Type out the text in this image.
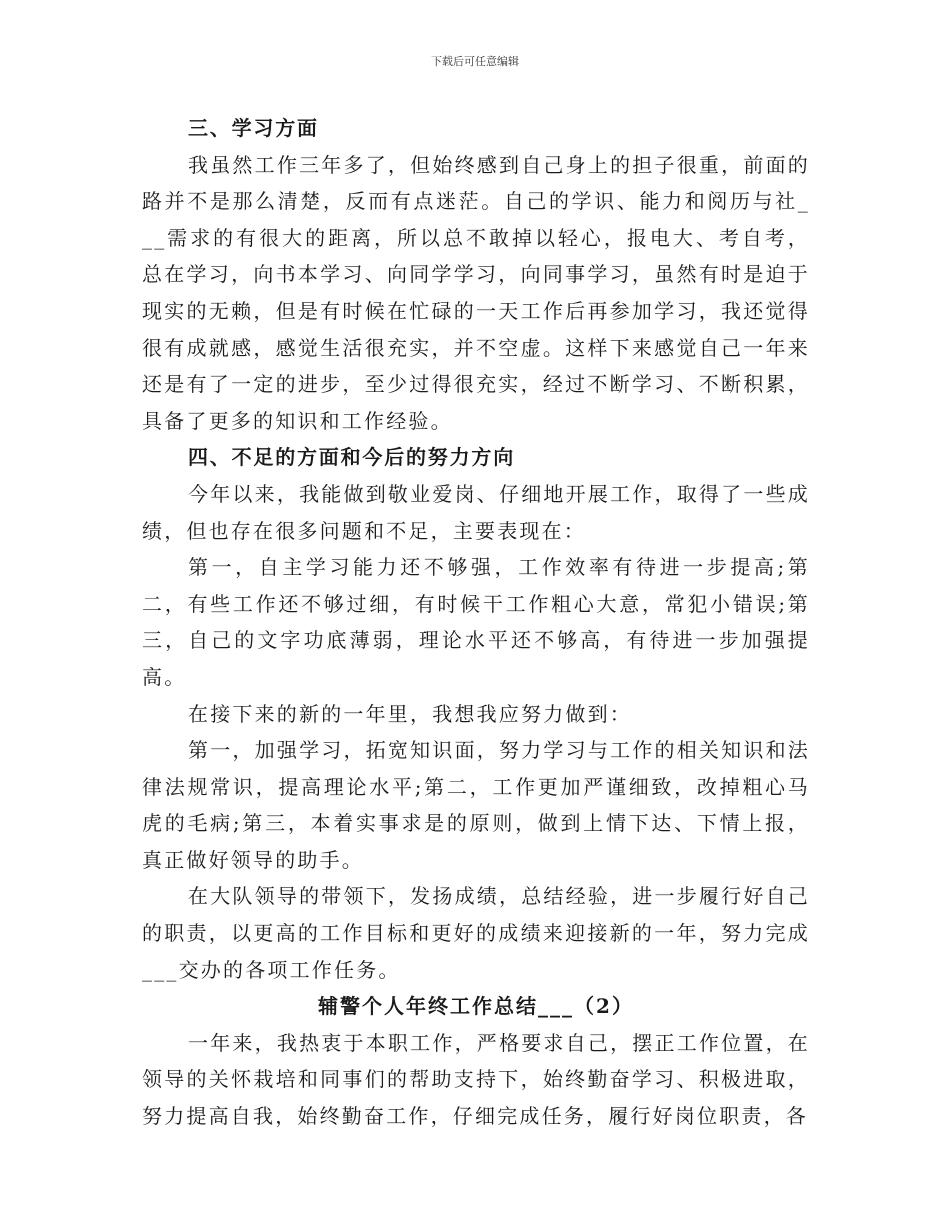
下载后可任意编辑

三、学习方面

我虽然工作三年多了，但始终感到自己身上的担子很重，前面的路并不是那么清楚，反而有点迷茫。自己的学识、能力和阅历与社___需求的有很大的距离，所以总不敢掉以轻心，报电大、考自考，总在学习，向书本学习、向同学学习，向同事学习，虽然有时是迫于现实的无赖，但是有时候在忙碌的一天工作后再参加学习，我还觉得很有成就感，感觉生活很充实，并不空虚。这样下来感觉自己一年来还是有了一定的进步，至少过得很充实，经过不断学习、不断积累，具备了更多的知识和工作经验。

四、不足的方面和今后的努力方向

今年以来，我能做到敬业爱岗、仔细地开展工作，取得了一些成绩，但也存在很多问题和不足，主要表现在：

第一，自主学习能力还不够强，工作效率有待进一步提高;第二，有些工作还不够过细，有时候干工作粗心大意，常犯小错误;第三，自己的文字功底薄弱，理论水平还不够高，有待进一步加强提高。

在接下来的新的一年里，我想我应努力做到：

第一，加强学习，拓宽知识面，努力学习与工作的相关知识和法律法规常识，提高理论水平;第二，工作更加严谨细致，改掉粗心马虎的毛病;第三，本着实事求是的原则，做到上情下达、下情上报，真正做好领导的助手。

在大队领导的带领下，发扬成绩，总结经验，进一步履行好自己的职责，以更高的工作目标和更好的成绩来迎接新的一年，努力完成___交办的各项工作任务。

辅警个人年终工作总结___（2）

一年来，我热衷于本职工作，严格要求自己，摆正工作位置，在领导的关怀栽培和同事们的帮助支持下，始终勤奋学习、积极进取，努力提高自我，始终勤奋工作，仔细完成任务，履行好岗位职责，各
